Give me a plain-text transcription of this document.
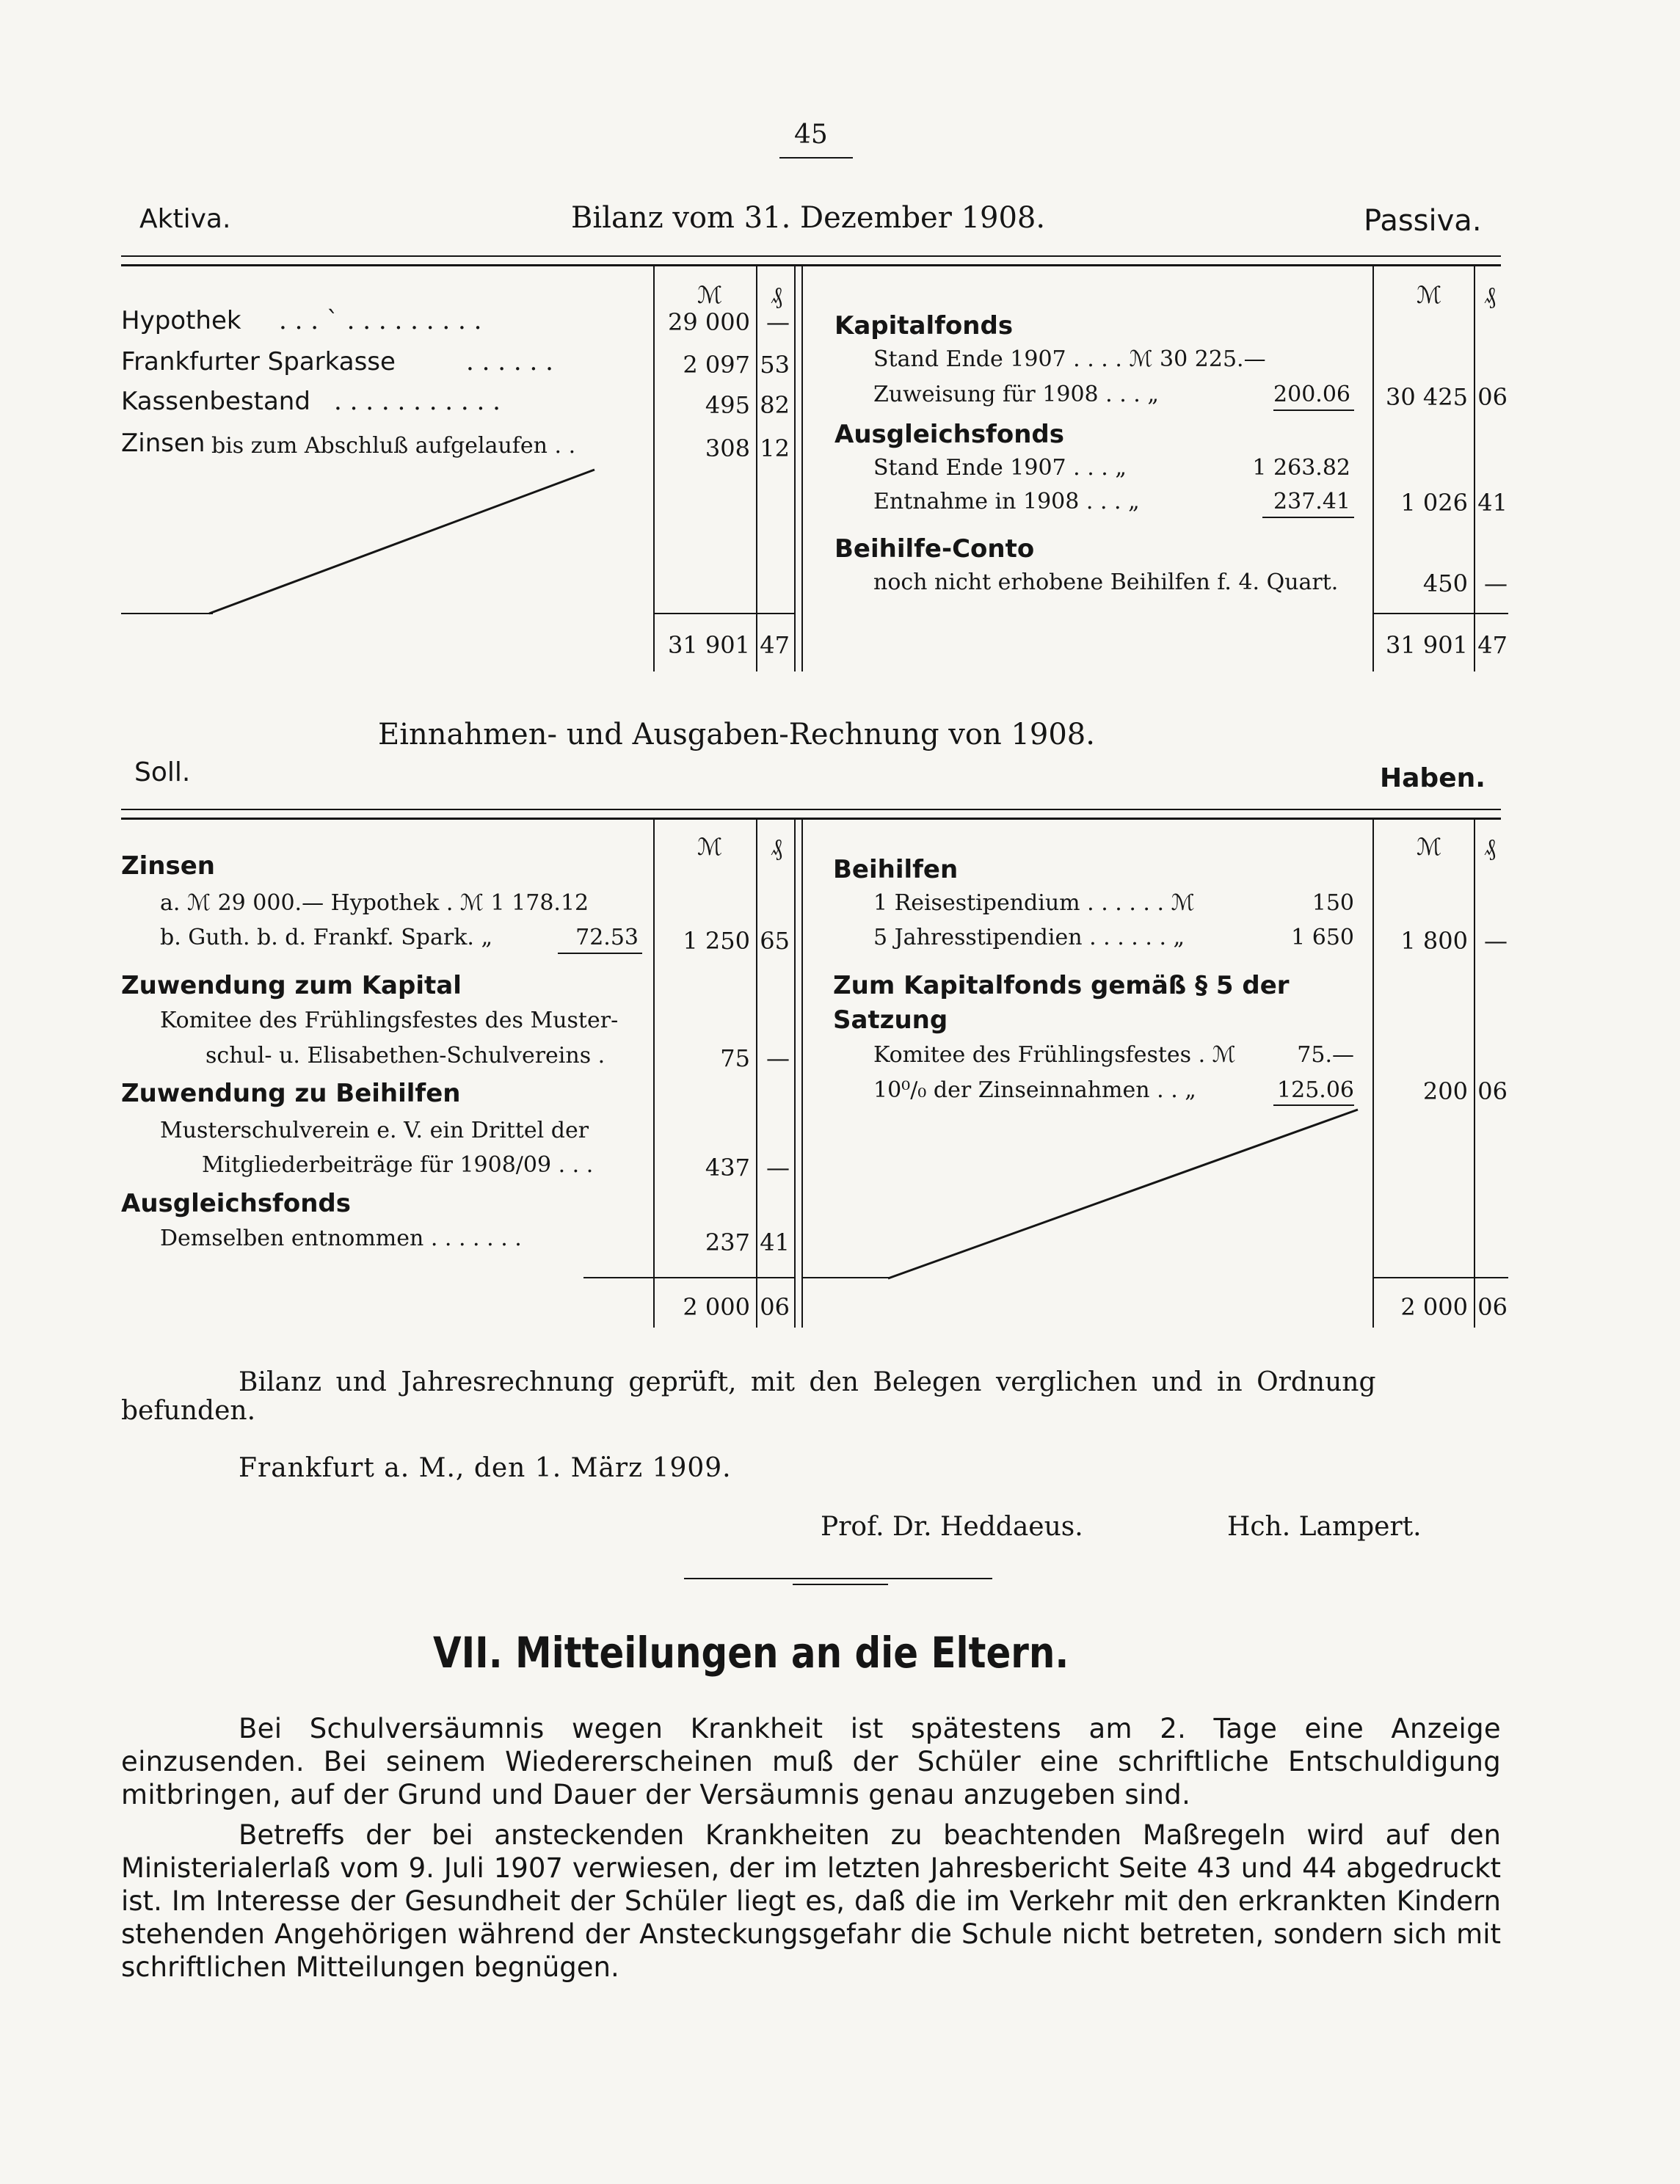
45
Aktiva.	Bilanz vom 31. Dezember 1908.	Passiva.
ℳ ₰	ℳ ₰
Hypothek . . . ` . . . . . . . . .	29 000 —
Frankfurter Sparkasse	. . . . . .	2 097 53
Kassenbestand . . . . . . . . . . .	495 82
Zinsen bis zum Abschluß aufgelaufen . .	308 12
Kapitalfonds
Stand Ende 1907 . . . . ℳ 30 225.—
Zuweisung für 1908 . . . „	200.06	30 425 06
Ausgleichsfonds
Stand Ende 1907 . . . „	1 263.82
Entnahme in 1908 . . . „	237.41	1 026 41
Beihilfe-Conto
noch nicht erhobene Beihilfen f. 4. Quart.	450 —
31 901 47	31 901 47
Einnahmen- und Ausgaben-Rechnung von 1908.
Soll.	Haben.
ℳ ₰	ℳ ₰
Zinsen
a. ℳ 29 000.— Hypothek . ℳ 1 178.12
b. Guth. b. d. Frankf. Spark. „	72.53	1 250 65
Zuwendung zum Kapital
Komitee des Frühlingsfestes des Muster-
schul- u. Elisabethen-Schulvereins .	75 —
Zuwendung zu Beihilfen
Musterschulverein e. V. ein Drittel der
Mitgliederbeiträge für 1908/09 . . .	437 —
Ausgleichsfonds
Demselben entnommen . . . . . . .	237 41
Beihilfen
1 Reisestipendium . . . . . . ℳ	150
5 Jahresstipendien . . . . . . „	1 650	1 800 —
Zum Kapitalfonds gemäß § 5 der
Satzung
Komitee des Frühlingsfestes . ℳ	75.—
10⁰/₀ der Zinseinnahmen . . „	125.06	200 06
2 000 06	2 000 06
Bilanz und Jahresrechnung geprüft, mit den Belegen verglichen und in Ordnung
befunden.
Frankfurt a. M., den 1. März 1909.
Prof. Dr. Heddaeus.	Hch. Lampert.
VII. Mitteilungen an die Eltern.
Bei Schulversäumnis wegen Krankheit ist spätestens am 2. Tage eine Anzeige einzusenden. Bei seinem Wiedererscheinen muß der Schüler eine schriftliche Entschuldigung mitbringen, auf der Grund und Dauer der Versäumnis genau anzugeben sind.
Betreffs der bei ansteckenden Krankheiten zu beachtenden Maßregeln wird auf den Ministerialerlaß vom 9. Juli 1907 verwiesen, der im letzten Jahresbericht Seite 43 und 44 abgedruckt ist. Im Interesse der Gesundheit der Schüler liegt es, daß die im Verkehr mit den erkrankten Kindern stehenden Angehörigen während der Ansteckungsgefahr die Schule nicht betreten, sondern sich mit schriftlichen Mitteilungen begnügen.
